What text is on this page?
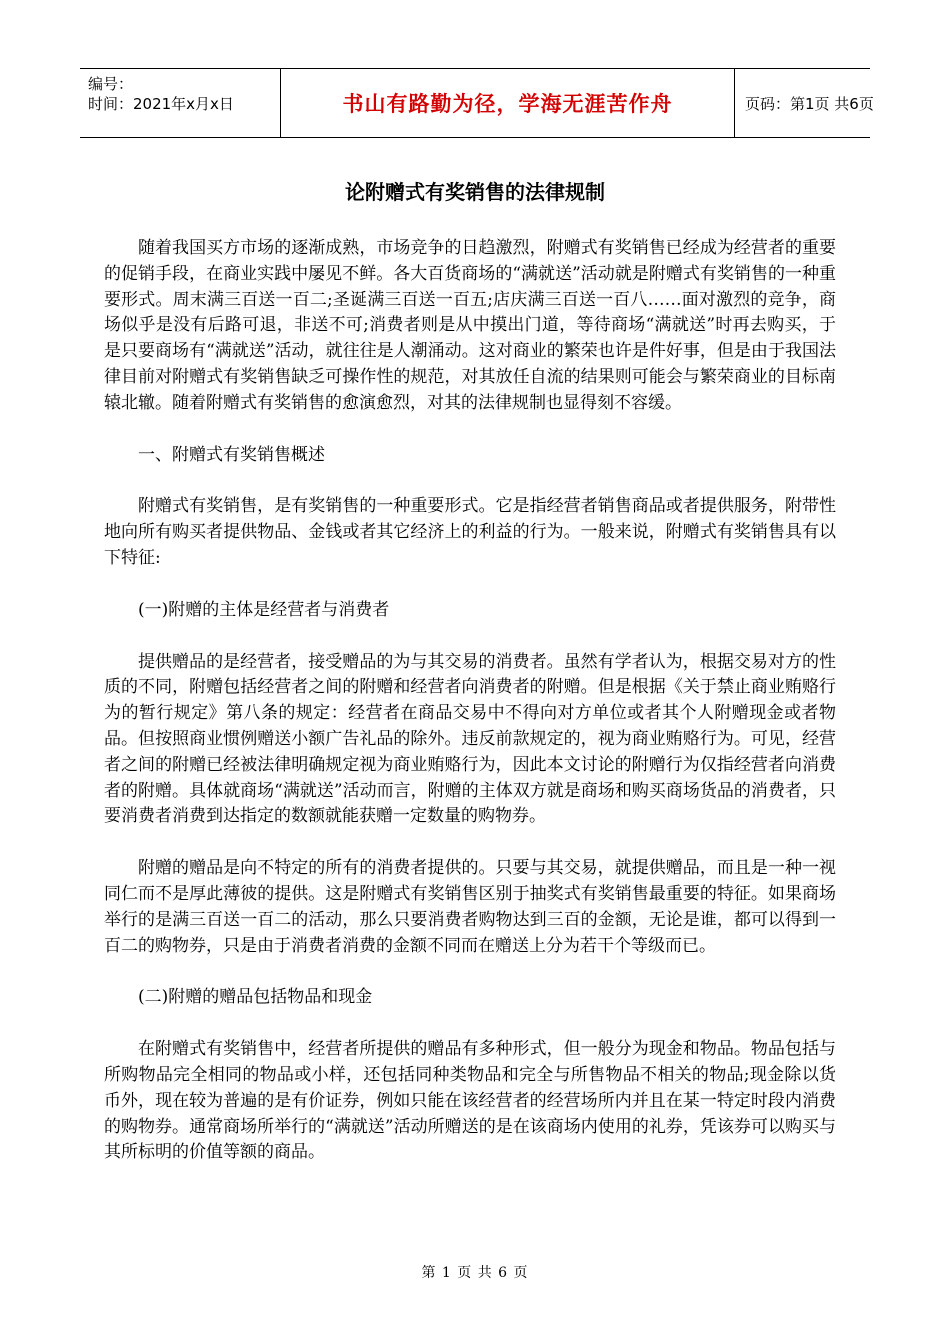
编号：
时间：2021年x月x日	书山有路勤为径，学海无涯苦作舟	页码：第1页 共6页
论附赠式有奖销售的法律规制

随着我国买方市场的逐渐成熟，市场竞争的日趋激烈，附赠式有奖销售已经成为经营者的重要的促销手段，在商业实践中屡见不鲜。各大百货商场的“满就送”活动就是附赠式有奖销售的一种重要形式。周末满三百送一百二;圣诞满三百送一百五;店庆满三百送一百八……面对激烈的竞争，商场似乎是没有后路可退，非送不可;消费者则是从中摸出门道，等待商场“满就送”时再去购买，于是只要商场有“满就送”活动，就往往是人潮涌动。这对商业的繁荣也许是件好事，但是由于我国法律目前对附赠式有奖销售缺乏可操作性的规范，对其放任自流的结果则可能会与繁荣商业的目标南辕北辙。随着附赠式有奖销售的愈演愈烈，对其的法律规制也显得刻不容缓。

一、附赠式有奖销售概述

附赠式有奖销售，是有奖销售的一种重要形式。它是指经营者销售商品或者提供服务，附带性地向所有购买者提供物品、金钱或者其它经济上的利益的行为。一般来说，附赠式有奖销售具有以下特征:

(一)附赠的主体是经营者与消费者

提供赠品的是经营者，接受赠品的为与其交易的消费者。虽然有学者认为，根据交易对方的性质的不同，附赠包括经营者之间的附赠和经营者向消费者的附赠。但是根据《关于禁止商业贿赂行为的暂行规定》第八条的规定：经营者在商品交易中不得向对方单位或者其个人附赠现金或者物品。但按照商业惯例赠送小额广告礼品的除外。违反前款规定的，视为商业贿赂行为。可见，经营者之间的附赠已经被法律明确规定视为商业贿赂行为，因此本文讨论的附赠行为仅指经营者向消费者的附赠。具体就商场“满就送”活动而言，附赠的主体双方就是商场和购买商场货品的消费者，只要消费者消费到达指定的数额就能获赠一定数量的购物券。

附赠的赠品是向不特定的所有的消费者提供的。只要与其交易，就提供赠品，而且是一种一视同仁而不是厚此薄彼的提供。这是附赠式有奖销售区别于抽奖式有奖销售最重要的特征。如果商场举行的是满三百送一百二的活动，那么只要消费者购物达到三百的金额，无论是谁，都可以得到一百二的购物券，只是由于消费者消费的金额不同而在赠送上分为若干个等级而已。

(二)附赠的赠品包括物品和现金

在附赠式有奖销售中，经营者所提供的赠品有多种形式，但一般分为现金和物品。物品包括与所购物品完全相同的物品或小样，还包括同种类物品和完全与所售物品不相关的物品;现金除以货币外，现在较为普遍的是有价证券，例如只能在该经营者的经营场所内并且在某一特定时段内消费的购物券。通常商场所举行的“满就送”活动所赠送的是在该商场内使用的礼券，凭该券可以购买与其所标明的价值等额的商品。

第 1 页 共 6 页
